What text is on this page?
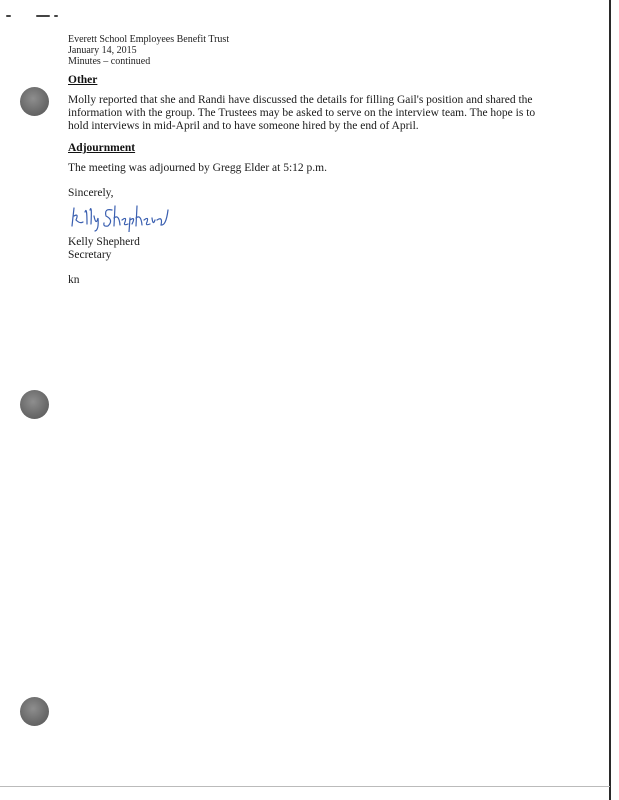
Everett School Employees Benefit Trust
January 14, 2015
Minutes – continued
Other
Molly reported that she and Randi have discussed the details for filling Gail's position and shared the information with the group. The Trustees may be asked to serve on the interview team. The hope is to hold interviews in mid-April and to have someone hired by the end of April.
Adjournment
The meeting was adjourned by Gregg Elder at 5:12 p.m.
Sincerely,
Kelly Shepherd
Secretary
kn
